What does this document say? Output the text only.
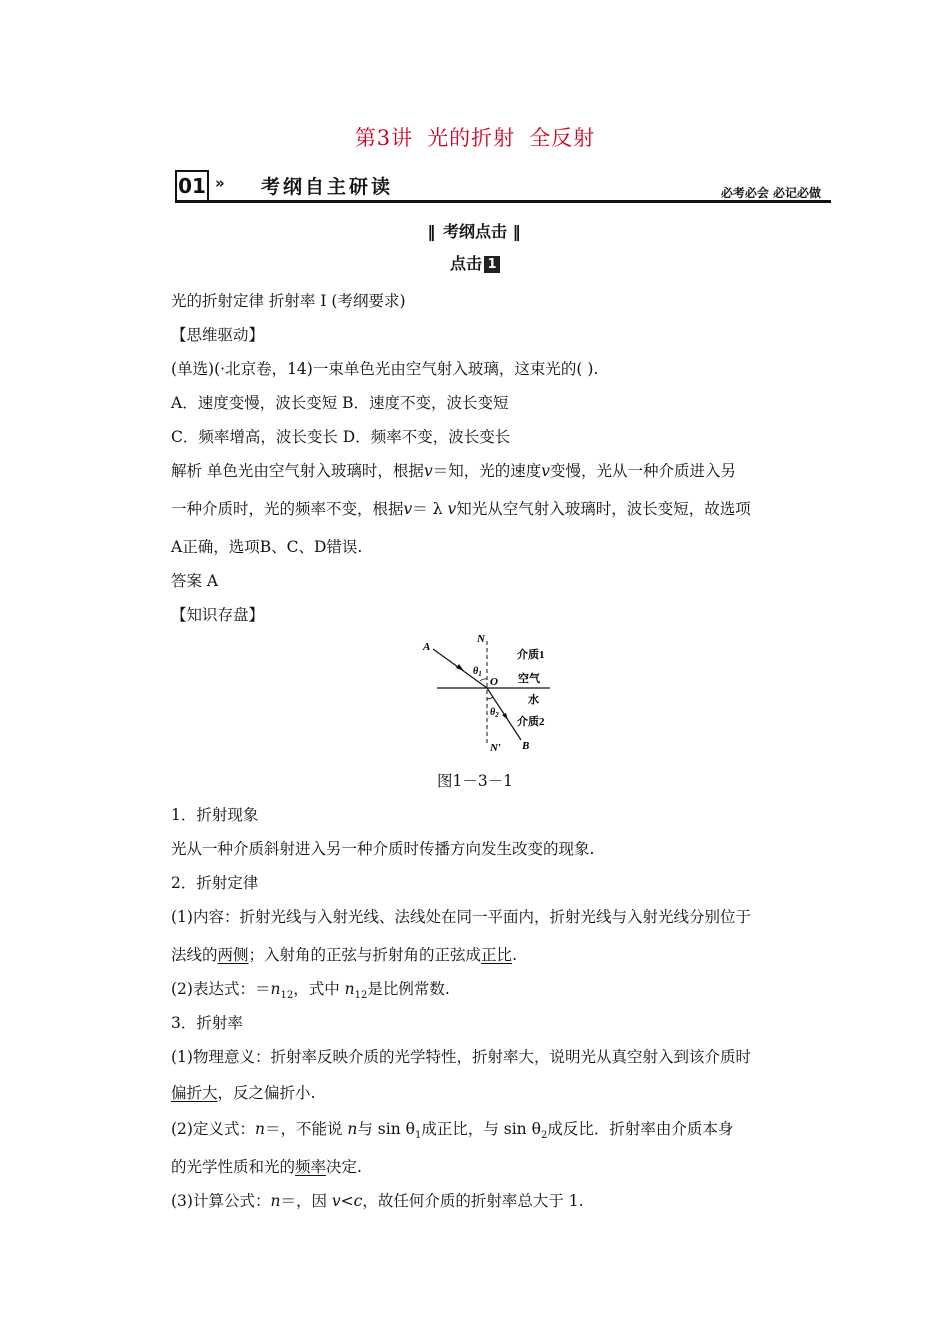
第3讲 光的折射 全反射
01 » 考纲自主研读	必考必会 必记必做
‖ 考纲点击 ‖
点击 1
光的折射定律 折射率 Ⅰ (考纲要求)
【思维驱动】
(单选)(·北京卷，14)一束单色光由空气射入玻璃，这束光的( ).
A．速度变慢，波长变短 B．速度不变，波长变短
C．频率增高，波长变长 D．频率不变，波长变长
解析 单色光由空气射入玻璃时，根据v＝知，光的速度v变慢，光从一种介质进入另
一种介质时，光的频率不变，根据v＝ λ v知光从空气射入玻璃时，波长变短，故选项
A正确，选项B、C、D错误.
答案 A
【知识存盘】
A
N
$\theta_1$
O
介质1
空气
水
$\theta_2$
介质2
N′ B
图1－3－1
1．折射现象
光从一种介质斜射进入另一种介质时传播方向发生改变的现象.
2．折射定律
(1)内容：折射光线与入射光线、法线处在同一平面内，折射光线与入射光线分别位于
法线的两侧；入射角的正弦与折射角的正弦成正比.
(2)表达式：$=n_{12}$，式中 $n_{12}$是比例常数.
3．折射率
(1)物理意义：折射率反映介质的光学特性，折射率大，说明光从真空射入到该介质时
偏折大，反之偏折小.
(2)定义式：n＝，不能说 n与 $\sin \theta_1$成正比，与 $\sin \theta_2$成反比．折射率由介质本身
的光学性质和光的频率决定.
(3)计算公式：n＝，因 v<c，故任何介质的折射率总大于 1.
